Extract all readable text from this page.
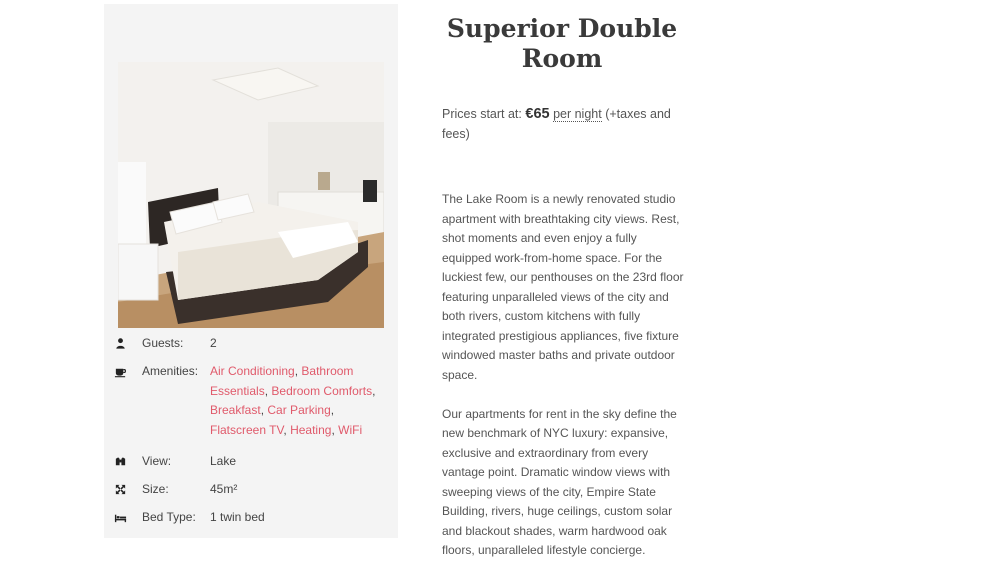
Guests: 2
Amenities: Air Conditioning, Bathroom Essentials, Bedroom Comforts, Breakfast, Car Parking, Flatscreen TV, Heating, WiFi
View:	Lake
Size:	45m²
Bed Type: 1 twin bed
Superior Double Room
Prices start at: €65 per night (+taxes and fees)

The Lake Room is a newly renovated studio apartment with breathtaking city views. Rest, shot moments and even enjoy a fully equipped work-from-home space. For the luckiest few, our penthouses on the 23rd floor featuring unparalleled views of the city and both rivers, custom kitchens with fully integrated prestigious appliances, five fixture windowed master baths and private outdoor space.

Our apartments for rent in the sky define the new benchmark of NYC luxury: expansive, exclusive and extraordinary from every vantage point. Dramatic window views with sweeping views of the city, Empire State Building, rivers, huge ceilings, custom solar and blackout shades, warm hardwood oak floors, unparalleled lifestyle concierge.
